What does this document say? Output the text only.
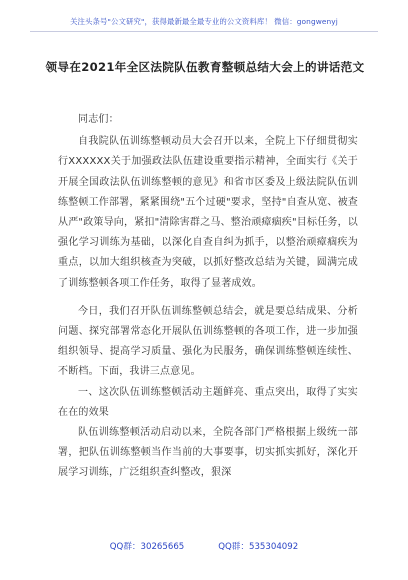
关注头条号"公文研究"，获得最新最全最专业的公文资料库！ 微信：gongwenyj
领导在2021年全区法院队伍教育整顿总结大会上的讲话范文

同志们：

自我院队伍训练整顿动员大会召开以来，全院上下仔细贯彻实行XXXXXX关于加强政法队伍建设重要指示精神，全面实行《关于开展全国政法队伍训练整顿的意见》和省市区委及上级法院队伍训练整顿工作部署，紧紧围绕"五个过硬"要求，坚持"自查从宽、被查从严"政策导向，紧扣"清除害群之马、整治顽瘴痼疾"目标任务，以强化学习训练为基础，以深化自查自纠为抓手，以整治顽瘴痼疾为重点，以加大组织核查为突破，以抓好整改总结为关键，圆满完成了训练整顿各项工作任务，取得了显著成效。

今日，我们召开队伍训练整顿总结会，就是要总结成果、分析问题、探究部署常态化开展队伍训练整顿的各项工作，进一步加强组织领导、提高学习质量、强化为民服务，确保训练整顿连续性、不断档。下面，我讲三点意见。

一、这次队伍训练整顿活动主题鲜亮、重点突出，取得了实实在在的效果

队伍训练整顿活动启动以来，全院各部门严格根据上级统一部署，把队伍训练整顿当作当前的大事要事，切实抓实抓好，深化开展学习训练，广泛组织查纠整改，狠深

QQ群：30265665	QQ群：535304092
